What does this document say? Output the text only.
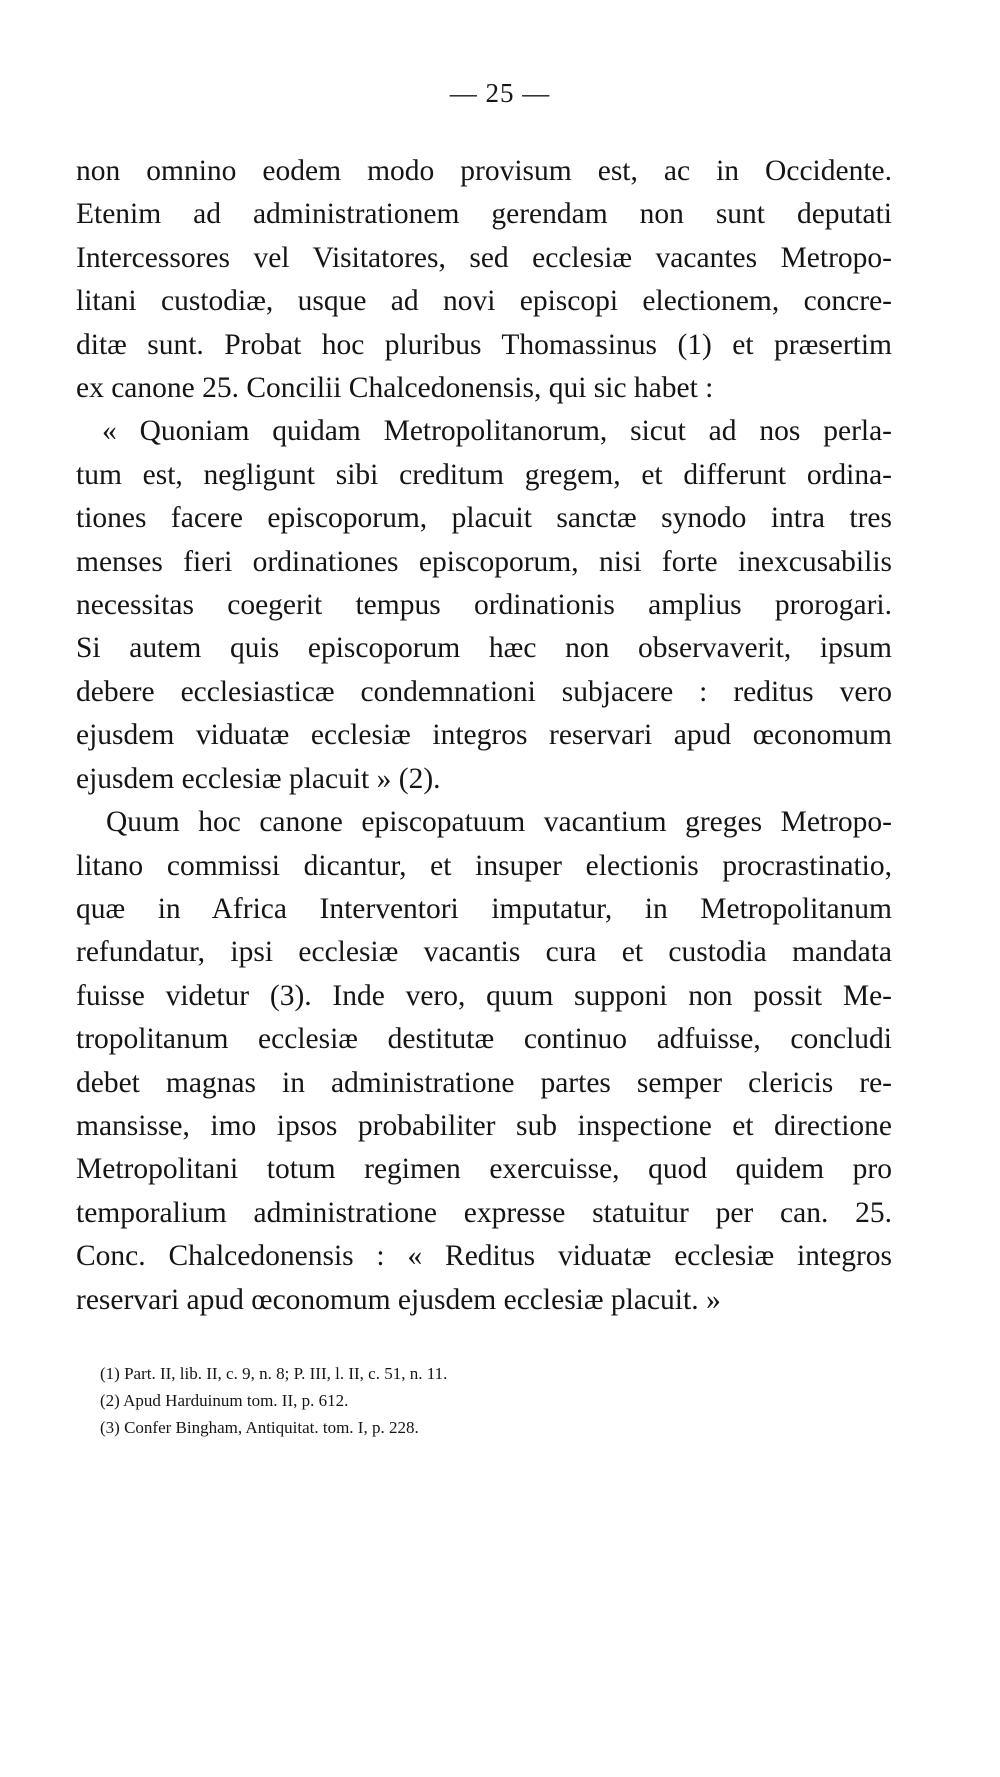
— 25 —

non omnino eodem modo provisum est, ac in Occidente.
Etenim ad administrationem gerendam non sunt deputati
Intercessores vel Visitatores, sed ecclesiæ vacantes Metropo-
litani custodiæ, usque ad novi episcopi electionem, concre-
ditæ sunt. Probat hoc pluribus Thomassinus (1) et præsertim
ex canone 25. Concilii Chalcedonensis, qui sic habet :

« Quoniam quidam Metropolitanorum, sicut ad nos perla-
tum est, negligunt sibi creditum gregem, et differunt ordina-
tiones facere episcoporum, placuit sanctæ synodo intra tres
menses fieri ordinationes episcoporum, nisi forte inexcusabilis
necessitas coegerit tempus ordinationis amplius prorogari.
Si autem quis episcoporum hæc non observaverit, ipsum
debere ecclesiasticæ condemnationi subjacere : reditus vero
ejusdem viduatæ ecclesiæ integros reservari apud œconomum
ejusdem ecclesiæ placuit » (2).

Quum hoc canone episcopatuum vacantium greges Metropo-
litano commissi dicantur, et insuper electionis procrastinatio,
quæ in Africa Interventori imputatur, in Metropolitanum
refundatur, ipsi ecclesiæ vacantis cura et custodia mandata
fuisse videtur (3). Inde vero, quum supponi non possit Me-
tropolitanum ecclesiæ destitutæ continuo adfuisse, concludi
debet magnas in administratione partes semper clericis re-
mansisse, imo ipsos probabiliter sub inspectione et directione
Metropolitani totum regimen exercuisse, quod quidem pro
temporalium administratione expresse statuitur per can. 25.
Conc. Chalcedonensis : « Reditus viduatæ ecclesiæ integros
reservari apud œconomum ejusdem ecclesiæ placuit. »

(1) Part. II, lib. II, c. 9, n. 8; P. III, l. II, c. 51, n. 11.
(2) Apud Harduinum tom. II, p. 612.
(3) Confer Bingham, Antiquitat. tom. I, p. 228.
